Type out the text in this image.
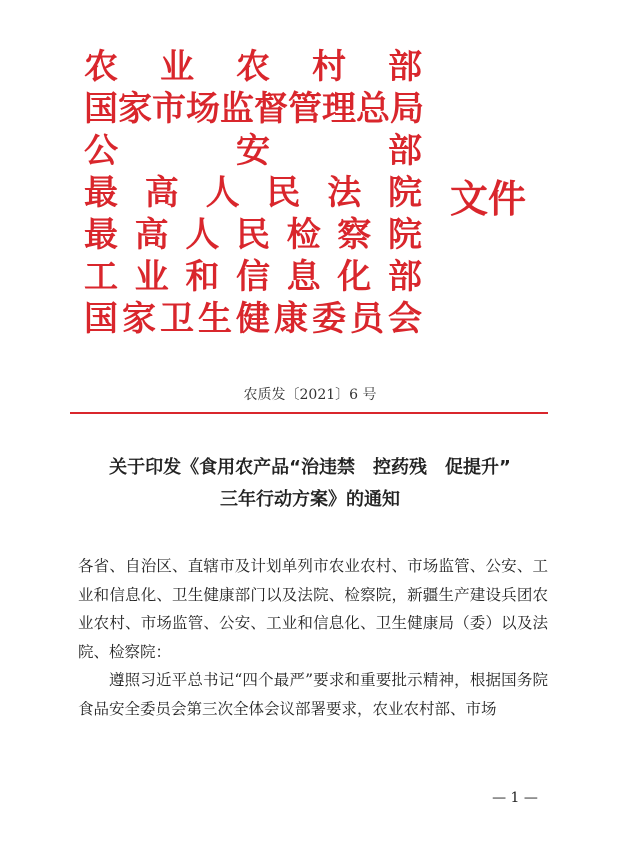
农 业 农 村 部
国 家 市 场 监 督 管 理 总 局
公	安	部
最 高 人 民 法 院
最 高 人 民 检 察 院
工 业 和 信 息 化 部
国 家 卫 生 健 康 委 员 会
文件
农质发〔2021〕6 号
关于印发《食用农产品“治违禁　控药残　促提升”
三年行动方案》的通知

各省、自治区、直辖市及计划单列市农业农村、市场监管、公安、工业和信息化、卫生健康部门以及法院、检察院，新疆生产建设兵团农业农村、市场监管、公安、工业和信息化、卫生健康局（委）以及法院、检察院：

遵照习近平总书记“四个最严”要求和重要批示精神，根据国务院食品安全委员会第三次全体会议部署要求，农业农村部、市场

— 1 —
